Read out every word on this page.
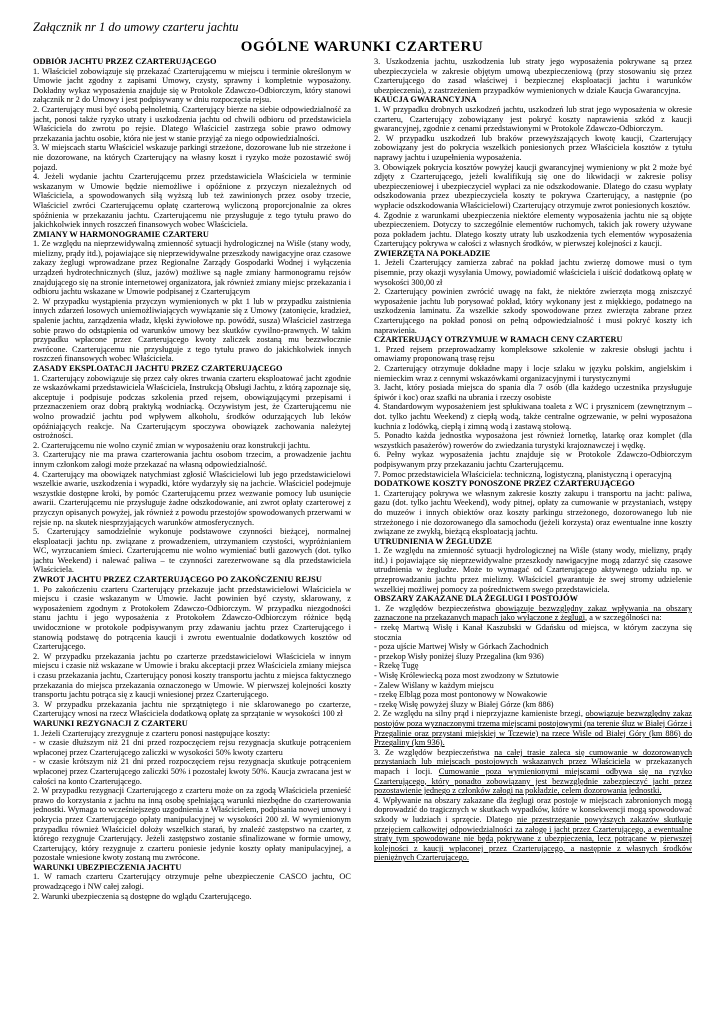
Załącznik nr 1 do umowy czarteru jachtu
OGÓLNE WARUNKI CZARTERU
ODBIÓR JACHTU PRZEZ CZARTERUJĄCEGO

1. Właściciel zobowiązuje się przekazać Czarterującemu w miejscu i terminie określonym w Umowie jacht zgodny z zapisami Umowy, czysty, sprawny i kompletnie wyposażony. Dokładny wykaz wyposażenia znajduje się w Protokole Zdawczo-Odbiorczym, który stanowi załącznik nr 2 do Umowy i jest podpisywany w dniu rozpoczęcia rejsu.

2. Czarterujący musi być osobą pełnoletnią. Czarterujący bierze na siebie odpowiedzialność za jacht, ponosi także ryzyko utraty i uszkodzenia jachtu od chwili odbioru od przedstawiciela Właściciela do zwrotu po rejsie. Dlatego Właściciel zastrzega sobie prawo odmowy przekazania jachtu osobie, która nie jest w stanie przyjąć za niego odpowiedzialności.

3. W miejscach startu Właściciel wskazuje parkingi strzeżone, dozorowane lub nie strzeżone i nie dozorowane, na których Czarterujący na własny koszt i ryzyko może pozostawić swój pojazd.

4. Jeżeli wydanie jachtu Czarterującemu przez przedstawiciela Właściciela w terminie wskazanym w Umowie będzie niemożliwe i opóźnione z przyczyn niezależnych od Właściciela, a spowodowanych siłą wyższą lub też zawinionych przez osoby trzecie, Właściciel zwróci Czarterującemu opłatę czarterową wyliczoną proporcjonalnie za okres spóźnienia w przekazaniu jachtu. Czarterującemu nie przysługuje z tego tytułu prawo do jakichkolwiek innych roszczeń finansowych wobec Właściciela.

ZMIANY W HARMONOGRAMIE CZARTERU

1. Ze względu na nieprzewidywalną zmienność sytuacji hydrologicznej na Wiśle (stany wody, mielizny, prądy itd.), pojawiające się nieprzewidywalne przeszkody nawigacyjne oraz czasowe zakazy żeglugi wprowadzane przez Regionalne Zarządy Gospodarki Wodnej i wyłączenia urządzeń hydrotechnicznych (śluz, jazów) możliwe są nagłe zmiany harmonogramu rejsów znajdującego się na stronie internetowej organizatora, jak również zmiany miejsc przekazania i odbioru jachtu wskazane w Umowie podpisanej z Czarterującym

2. W przypadku wystąpienia przyczyn wymienionych w pkt 1 lub w przypadku zaistnienia innych zdarzeń losowych uniemożliwiających wywiązanie się z Umowy (zatonięcie, kradzież, spalenie jachtu, zarządzenia władz, klęski żywiołowe np. powódź, susza) Właściciel zastrzega sobie prawo do odstąpienia od warunków umowy bez skutków cywilno-prawnych. W takim przypadku wpłacone przez Czarterującego kwoty zaliczek zostaną mu bezzwłocznie zwrócone. Czarterującemu nie przysługuje z tego tytułu prawo do jakichkolwiek innych roszczeń finansowych wobec Właściciela.

ZASADY EKSPLOATACJI JACHTU PRZEZ CZARTERUJĄCEGO

1. Czarterujący zobowiązuje się przez cały okres trwania czarteru eksploatować jacht zgodnie ze wskazówkami przedstawiciela Właściciela, Instrukcją Obsługi Jachtu, z którą zapoznaje się, akceptuje i podpisuje podczas szkolenia przed rejsem, obowiązującymi przepisami i przeznaczeniem oraz dobrą praktyką wodniacką. Oczywistym jest, że Czarterującemu nie wolno prowadzić jachtu pod wpływem alkoholu, środków odurzających lub leków opóźniających reakcje. Na Czarterującym spoczywa obowiązek zachowania należytej ostrożności.

2. Czarterującemu nie wolno czynić zmian w wyposażeniu oraz konstrukcji jachtu.

3. Czarterujący nie ma prawa czarterowania jachtu osobom trzecim, a prowadzenie jachtu innym członkom załogi może przekazać na własną odpowiedzialność.

4. Czarterujący ma obowiązek natychmiast zgłosić Właścicielowi lub jego przedstawicielowi wszelkie awarie, uszkodzenia i wypadki, które wydarzyły się na jachcie. Właściciel podejmuje wszystkie dostępne kroki, by pomóc Czarterującemu przez wezwanie pomocy lub usunięcie awarii. Czarterującemu nie przysługuje żadne odszkodowanie, ani zwrot opłaty czarterowej z przyczyn opisanych powyżej, jak również z powodu przestojów spowodowanych przerwami w rejsie np. na skutek niesprzyjających warunków atmosferycznych.

5. Czarterujący samodzielnie wykonuje podstawowe czynności bieżącej, normalnej eksploatacji jachtu np. związane z prowadzeniem, utrzymaniem czystości, wypróżnianiem WC, wyrzucaniem śmieci. Czarterującemu nie wolno wymieniać butli gazowych (dot. tylko jachtu Weekend) i nalewać paliwa – te czynności zarezerwowane są dla przedstawiciela Właściciela.

ZWROT JACHTU PRZEZ CZARTERUJĄCEGO PO ZAKOŃCZENIU REJSU

1. Po zakończeniu czarteru Czarterujący przekazuje jacht przedstawicielowi Właściciela w miejscu i czasie wskazanym w Umowie. Jacht powinien być czysty, sklarowany, z wyposażeniem zgodnym z Protokołem Zdawczo-Odbiorczym. W przypadku niezgodności stanu jachtu i jego wyposażenia z Protokołem Zdawczo-Odbiorczym różnice będą uwidocznione w protokole podpisywanym przy zdawaniu jachtu przez Czarterującego i stanowią podstawę do potrącenia kaucji i zwrotu ewentualnie dodatkowych kosztów od Czarterującego.

2. W przypadku przekazania jachtu po czarterze przedstawicielowi Właściciela w innym miejscu i czasie niż wskazane w Umowie i braku akceptacji przez Właściciela zmiany miejsca i czasu przekazania jachtu, Czarterujący ponosi koszty transportu jachtu z miejsca faktycznego przekazania do miejsca przekazania oznaczonego w Umowie. W pierwszej kolejności koszty transportu jachtu potrąca się z kaucji wniesionej przez Czarterującego.

3. W przypadku przekazania jachtu nie sprzątniętego i nie sklarowanego po czarterze, Czarterujący wnosi na rzecz Właściciela dodatkową opłatę za sprzątanie w wysokości 100 zł

WARUNKI REZYGNACJI Z CZARTERU

1. Jeżeli Czarterujący zrezygnuje z czarteru ponosi następujące koszty:

- w czasie dłuższym niż 21 dni przed rozpoczęciem rejsu rezygnacja skutkuje potrąceniem wpłaconej przez Czarterującego zaliczki w wysokości 50% kwoty czarteru

- w czasie krótszym niż 21 dni przed rozpoczęciem rejsu rezygnacja skutkuje potrąceniem wpłaconej przez Czarterującego zaliczki 50% i pozostałej kwoty 50%. Kaucja zwracana jest w całości na konto Czarterującego.

2. W przypadku rezygnacji Czarterującego z czarteru może on za zgodą Właściciela przenieść prawo do korzystania z jachtu na inną osobę spełniającą warunki niezbędne do czarterowania jednostki. Wymaga to wcześniejszego uzgodnienia z Właścicielem, podpisania nowej umowy i pokrycia przez Czarterującego opłaty manipulacyjnej w wysokości 200 zł. W wymienionym przypadku również Właściciel dołoży wszelkich starań, by znaleźć zastępstwo na czarter, z którego rezygnuje Czarterujący. Jeżeli zastępstwo zostanie sfinalizowane w formie umowy, Czarterujący, który rezygnuje z czarteru poniesie jedynie koszty opłaty manipulacyjnej, a pozostałe wniesione kwoty zostaną mu zwrócone.

WARUNKI UBEZPIECZENIA JACHTU

1. W ramach czarteru Czarterujący otrzymuje pełne ubezpieczenie CASCO jachtu, OC prowadzącego i NW całej załogi.

2. Warunki ubezpieczenia są dostępne do wglądu Czarterującego.

3. Uszkodzenia jachtu, uszkodzenia lub straty jego wyposażenia pokrywane są przez ubezpieczyciela w zakresie objętym umową ubezpieczeniową (przy stosowaniu się przez Czarterującego do zasad właściwej i bezpiecznej eksploatacji jachtu i warunków ubezpieczenia), z zastrzeżeniem przypadków wymienionych w dziale Kaucja Gwarancyjna.

KAUCJA GWARANCYJNA

1. W przypadku drobnych uszkodzeń jachtu, uszkodzeń lub strat jego wyposażenia w okresie czarteru, Czarterujący zobowiązany jest pokryć koszty naprawienia szkód z kaucji gwarancyjnej, zgodnie z cenami przedstawionymi w Protokole Zdawczo-Odbiorczym.

2. W przypadku uszkodzeń lub braków przewyższających kwotę kaucji, Czarterujący zobowiązany jest do pokrycia wszelkich poniesionych przez Właściciela kosztów z tytułu naprawy jachtu i uzupełnienia wyposażenia.

3. Obowiązek pokrycia kosztów powyżej kaucji gwarancyjnej wymieniony w pkt 2 może być zdjęty z Czarterującego, jeżeli kwalifikują się one do likwidacji w zakresie polisy ubezpieczeniowej i ubezpieczyciel wypłaci za nie odszkodowanie. Dlatego do czasu wypłaty odszkodowania przez ubezpieczyciela koszty te pokrywa Czarterujący, a następnie (po wypłacie odszkodowania Właścicielowi) Czarterujący otrzymuje zwrot poniesionych kosztów.

4. Zgodnie z warunkami ubezpieczenia niektóre elementy wyposażenia jachtu nie są objęte ubezpieczeniem. Dotyczy to szczególnie elementów ruchomych, takich jak rowery używane poza pokładem jachtu. Dlatego koszty utraty lub uszkodzenia tych elementów wyposażenia Czarterujący pokrywa w całości z własnych środków, w pierwszej kolejności z kaucji.

ZWIERZĘTA NA POKŁADZIE

1. Jeżeli Czarterujący zamierza zabrać na pokład jachtu zwierzę domowe musi o tym pisemnie, przy okazji wysyłania Umowy, powiadomić właściciela i uiścić dodatkową opłatę w wysokości 300,00 zł

2. Czarterujący powinien zwrócić uwagę na fakt, że niektóre zwierzęta mogą zniszczyć wyposażenie jachtu lub porysować pokład, który wykonany jest z miękkiego, podatnego na uszkodzenia laminatu. Za wszelkie szkody spowodowane przez zwierzęta zabrane przez Czarterującego na pokład ponosi on pełną odpowiedzialność i musi pokryć koszty ich naprawienia.

CZARTERUJĄCY OTRZYMUJE W RAMACH CENY CZARTERU

1. Przed rejsem przeprowadzamy kompleksowe szkolenie w zakresie obsługi jachtu i omawiamy proponowaną trasę rejsu

2. Czarterujący otrzymuje dokładne mapy i locje szlaku w języku polskim, angielskim i niemieckim wraz z cennymi wskazówkami organizacyjnymi i turystycznymi

3. Jacht, który posiada miejsca do spania dla 7 osób (dla każdego uczestnika przysługuje śpiwór i koc) oraz szafki na ubrania i rzeczy osobiste

4. Standardowym wyposażeniem jest spłukiwana toaleta z WC i prysznicem (zewnętrznym – dot. tylko jachtu Weekend) z ciepłą wodą, także centralne ogrzewanie, w pełni wyposażona kuchnia z lodówką, ciepłą i zimną wodą i zastawą stołową.

5. Ponadto każda jednostka wyposażona jest również lornetkę, latarkę oraz komplet (dla wszystkich pasażerów) rowerów do zwiedzania turystyki krajoznawczej i wędkę.

6. Pełny wykaz wyposażenia jachtu znajduje się w Protokole Zdawczo-Odbiorczym podpisywanym przy przekazaniu jachtu Czarterującemu.

7. Pomoc przedstawiciela Właściciela: techniczną, logistyczną, planistyczną i operacyjną

DODATKOWE KOSZTY PONOSZONE PRZEZ CZARTERUJĄCEGO

1. Czarterujący pokrywa we własnym zakresie koszty zakupu i transportu na jacht: paliwa, gazu (dot. tylko jachtu Weekend), wody pitnej, opłaty za cumowanie w przystaniach, wstępy do muzeów i innych obiektów oraz koszty parkingu strzeżonego, dozorowanego lub nie strzeżonego i nie dozorowanego dla samochodu (jeżeli korzysta) oraz ewentualne inne koszty związane ze zwykłą, bieżącą eksploatacją jachtu.

UTRUDNIENIA W ŻEGLUDZE

1. Ze względu na zmienność sytuacji hydrologicznej na Wiśle (stany wody, mielizny, prądy itd.) i pojawiające się nieprzewidywalne przeszkody nawigacyjne mogą zdarzyć się czasowe utrudnienia w żegludze. Może to wymagać od Czarterującego aktywnego udziału np. w przeprowadzaniu jachtu przez mielizny. Właściciel gwarantuje że swej stromy udzielenie wszelkiej możliwej pomocy za pośrednictwem swego przedstawiciela.

OBSZARY ZAKAZANE DLA ŻEGLUGI I POSTOJÓW

1. Ze względów bezpieczeństwa obowiązuje bezwzględny zakaz wpływania na obszary zaznaczone na przekazanych mapach jako wyłączone z żeglugi, a w szczególności na:

- rzekę Martwą Wisłę i Kanał Kaszubski w Gdańsku od miejsca, w którym zaczyna się stocznia

- poza ujście Martwej Wisły w Górkach Zachodnich

- przekop Wisły poniżej śluzy Przegalina (km 936)

- Rzekę Tugę

- Wisłę Królewiecką poza most zwodzony w Sztutowie

- Zalew Wiślany w każdym miejscu

- rzekę Elbląg poza most pontonowy w Nowakowie

- rzekę Wisłę powyżej śluzy w Białej Górze (km 886)

2. Ze względu na silny prąd i nieprzyjazne kamieniste brzegi, obowiązuje bezwzględny zakaz postojów poza wyznaczonymi trzema miejscami postojowymi (na terenie śluz w Białej Górze i Przegalinie oraz przystani miejskiej w Tczewie) na rzece Wiśle od Białej Góry (km 886) do Przegaliny (km 936).

3. Ze względów bezpieczeństwa na całej trasie zaleca się cumowanie w dozorowanych przystaniach lub miejscach postojowych wskazanych przez Właściciela w przekazanych mapach i locji. Cumowanie poza wymienionymi miejscami odbywa się na ryzyko Czarterującego, który ponadto zobowiązany jest bezwzględnie zabezpieczyć jacht przez pozostawienie jednego z członków załogi na pokładzie, celem dozorowania jednostki.

4. Wpływanie na obszary zakazane dla żeglugi oraz postoje w miejscach zabronionych mogą doprowadzić do tragicznych w skutkach wypadków, które w konsekwencji mogą spowodować szkody w ludziach i sprzęcie. Dlatego nie przestrzeganie powyższych zakazów skutkuje przejęciem całkowitej odpowiedzialności za załogę i jacht przez Czarterującego, a ewentualne straty tym spowodowane nie będą pokrywane z ubezpieczenia, lecz potrącane w pierwszej kolejności z kaucji wpłaconej przez Czarterującego, a następnie z własnych środków pieniężnych Czarterującego.
